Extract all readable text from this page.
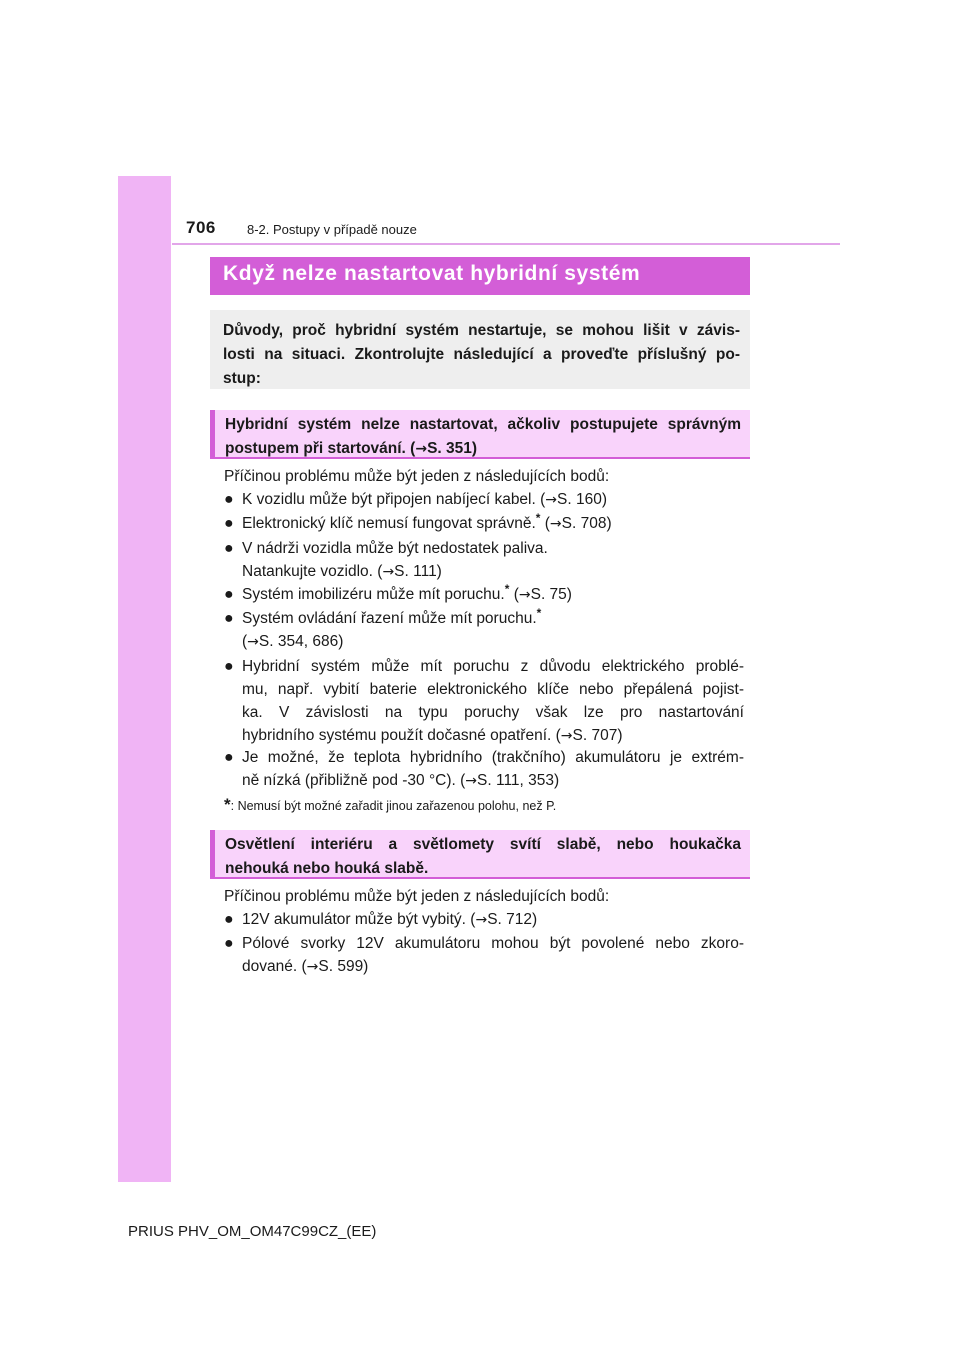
706 8-2. Postupy v případě nouze
Když nelze nastartovat hybridní systém
Důvody, proč hybridní systém nestartuje, se mohou lišit v závis-
losti na situaci. Zkontrolujte následující a proveďte příslušný po-
stup:
Hybridní systém nelze nastartovat, ačkoliv postupujete správným
postupem při startování. (→S. 351)
Příčinou problému může být jeden z následujících bodů:
● K vozidlu může být připojen nabíjecí kabel. (→S. 160)
● Elektronický klíč nemusí fungovat správně.* (→S. 708)
● V nádrži vozidla může být nedostatek paliva.
Natankujte vozidlo. (→S. 111)
● Systém imobilizéru může mít poruchu.* (→S. 75)
● Systém ovládání řazení může mít poruchu.*
(→S. 354, 686)
● Hybridní systém může mít poruchu z důvodu elektrického problé-
mu, např. vybití baterie elektronického klíče nebo přepálená pojist-
ka. V závislosti na typu poruchy však lze pro nastartování
hybridního systému použít dočasné opatření. (→S. 707)
● Je možné, že teplota hybridního (trakčního) akumulátoru je extrém-
ně nízká (přibližně pod -30 °C). (→S. 111, 353)
*: Nemusí být možné zařadit jinou zařazenou polohu, než P.
Osvětlení interiéru a světlomety svítí slabě, nebo houkačka
nehouká nebo houká slabě.
Příčinou problému může být jeden z následujících bodů:
● 12V akumulátor může být vybitý. (→S. 712)
● Pólové svorky 12V akumulátoru mohou být povolené nebo zkoro-
dované. (→S. 599)
PRIUS PHV_OM_OM47C99CZ_(EE)
